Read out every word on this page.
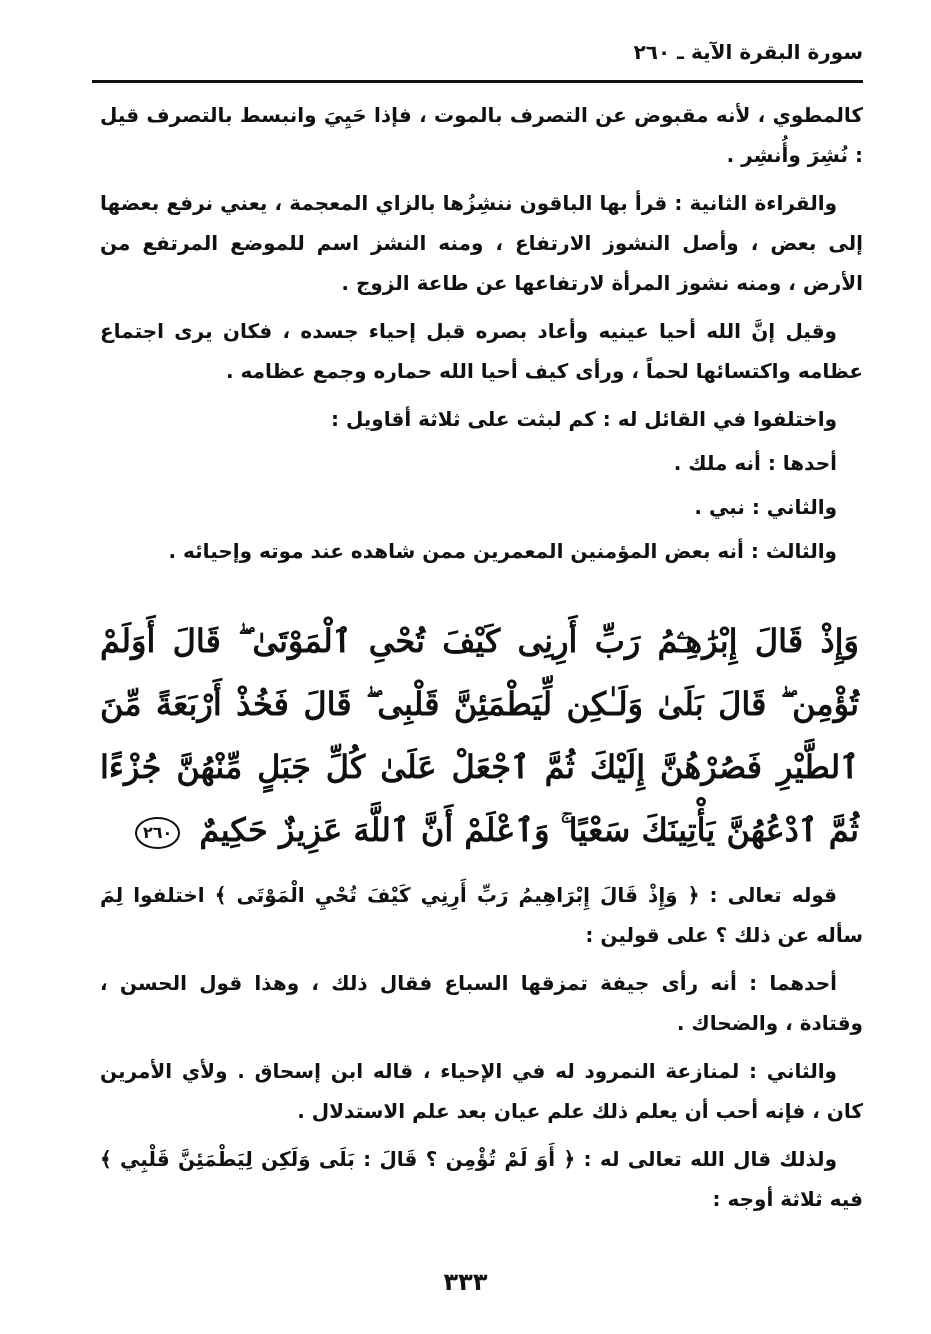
سورة البقرة الآية ـ ٢٦٠

كالمطوي ، لأنه مقبوض عن التصرف بالموت ، فإذا حَيِيَ وانبسط بالتصرف قيل : نُشِرَ وأُنشِر .

والقراءة الثانية : قرأ بها الباقون ننشِزُها بالزاي المعجمة ، يعني نرفع بعضها إلى بعض ، وأصل النشوز الارتفاع ، ومنه النشز اسم للموضع المرتفع من الأرض ، ومنه نشوز المرأة لارتفاعها عن طاعة الزوج .

وقيل إنَّ الله أحيا عينيه وأعاد بصره قبل إحياء جسده ، فكان يرى اجتماع عظامه واكتسائها لحماً ، ورأى كيف أحيا الله حماره وجمع عظامه .

واختلفوا في القائل له : كم لبثت على ثلاثة أقاويل :

أحدها : أنه ملك .

والثاني : نبي .

والثالث : أنه بعض المؤمنين المعمرين ممن شاهده عند موته وإحيائه .

وَإِذْ قَالَ إِبْرَٰهِـۧمُ رَبِّ أَرِنِى كَيْفَ تُحْىِ ٱلْمَوْتَىٰ ۖ قَالَ أَوَلَمْ تُؤْمِن ۖ قَالَ بَلَىٰ وَلَـٰكِن لِّيَطْمَئِنَّ قَلْبِى ۖ قَالَ فَخُذْ أَرْبَعَةً مِّنَ ٱلطَّيْرِ فَصُرْهُنَّ إِلَيْكَ ثُمَّ ٱجْعَلْ عَلَىٰ كُلِّ جَبَلٍ مِّنْهُنَّ جُزْءًا ثُمَّ ٱدْعُهُنَّ يَأْتِينَكَ سَعْيًا ۚ وَٱعْلَمْ أَنَّ ٱللَّهَ عَزِيزٌ حَكِيمٌ ٢٦٠

قوله تعالى : ﴿ وَإِذْ قَالَ إِبْرَاهِيمُ رَبِّ أَرِنِي كَيْفَ تُحْيِ الْمَوْتَى ﴾ اختلفوا لِمَ سأله عن ذلك ؟ على قولين :

أحدهما : أنه رأى جيفة تمزقها السباع فقال ذلك ، وهذا قول الحسن ، وقتادة ، والضحاك .

والثاني : لمنازعة النمرود له في الإحياء ، قاله ابن إسحاق . ولأي الأمرين كان ، فإنه أحب أن يعلم ذلك علم عيان بعد علم الاستدلال .

ولذلك قال الله تعالى له : ﴿ أَوَ لَمْ تُؤْمِن ؟ قَالَ : بَلَى وَلَكِن لِيَطْمَئِنَّ قَلْبِي ﴾ فيه ثلاثة أوجه :

٣٣٣
